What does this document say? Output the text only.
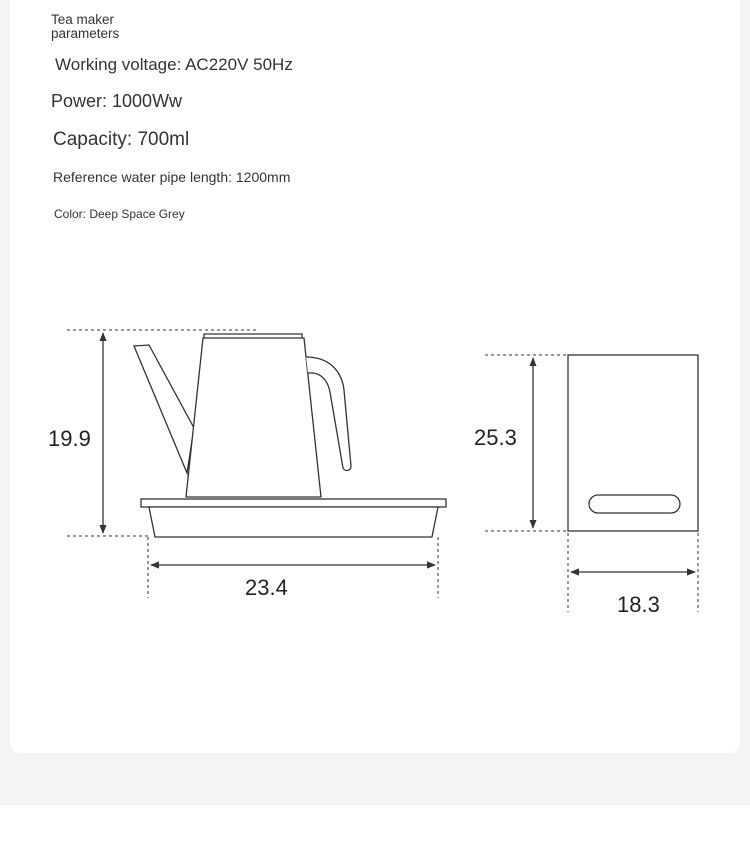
Tea maker parameters
Working voltage: AC220V 50Hz
Power: 1000Ww
Capacity: 700ml
Reference water pipe length: 1200mm
Color: Deep Space Grey
19.9
23.4
25.3
18.3
